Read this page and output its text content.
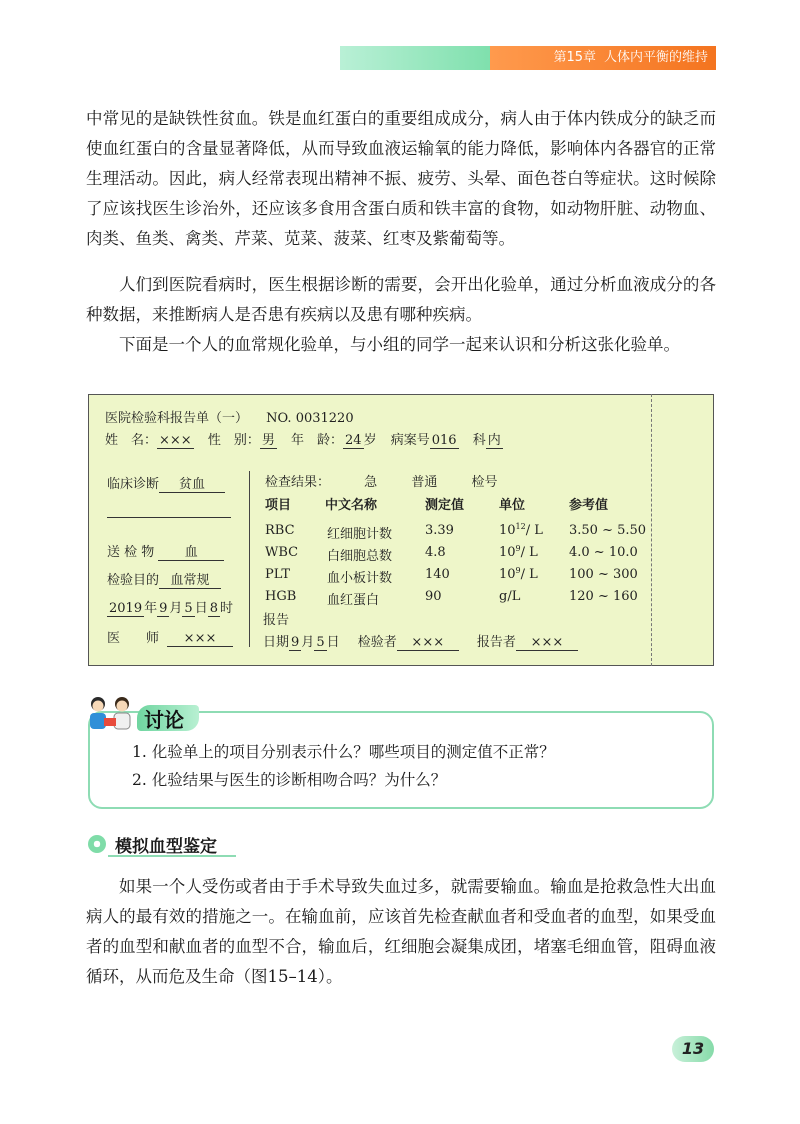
第15章 人体内平衡的维持

中常见的是缺铁性贫血。铁是血红蛋白的重要组成成分，病人由于体内铁成分的缺乏而使血红蛋白的含量显著降低，从而导致血液运输氧的能力降低，影响体内各器官的正常生理活动。因此，病人经常表现出精神不振、疲劳、头晕、面色苍白等症状。这时候除了应该找医生诊治外，还应该多食用含蛋白质和铁丰富的食物，如动物肝脏、动物血、肉类、鱼类、禽类、芹菜、苋菜、菠菜、红枣及紫葡萄等。

人们到医院看病时，医生根据诊断的需要，会开出化验单，通过分析血液成分的各种数据，来推断病人是否患有疾病以及患有哪种疾病。

下面是一个人的血常规化验单，与小组的同学一起来认识和分析这张化验单。

医院检验科报告单（一） NO. 0031220
姓　名： ××× 性　别： 男 年　龄： 24 岁 病案号 016 科 内
临床诊断 贫血
送 检 物 血
检验目的 血常规
2019 年 9 月 5 日 8 时
医　　师 ×××
检查结果：	急	普通	检号
项目	中文名称	测定值	单位	参考值
RBC 红细胞计数	3.39	$10^{12}/$ L 3.50 ~ 5.50
WBC 白细胞总数	4.8	$10^9/$ L 4.0 ~ 10.0
PLT	血小板计数	140	$10^9/$ L 100 ~ 300
HGB 血红蛋白	90	g/L	120 ~ 160
报告
日期 9 月 5 日 检验者 ×××	报告者 ×××
讨论
1. 化验单上的项目分别表示什么？哪些项目的测定值不正常？
2. 化验结果与医生的诊断相吻合吗？为什么？
模拟血型鉴定

如果一个人受伤或者由于手术导致失血过多，就需要输血。输血是抢救急性大出血病人的最有效的措施之一。在输血前，应该首先检查献血者和受血者的血型，如果受血者的血型和献血者的血型不合，输血后，红细胞会凝集成团，堵塞毛细血管，阻碍血液循环，从而危及生命（图15–14）。

13
